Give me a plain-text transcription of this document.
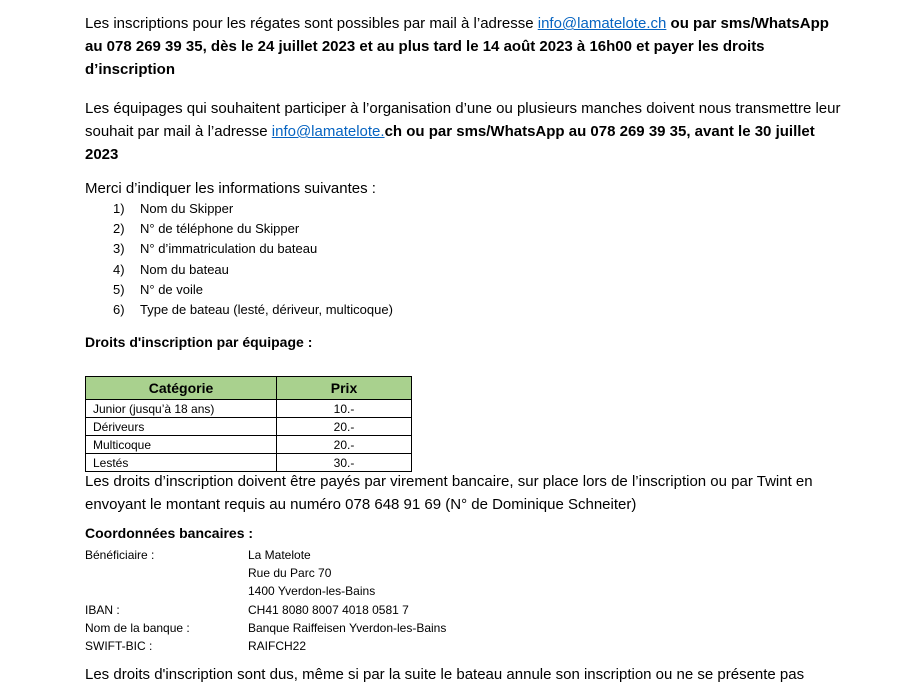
Les inscriptions pour les régates sont possibles par mail à l’adresse info@lamatelote.ch ou par sms/WhatsApp au 078 269 39 35, dès le 24 juillet 2023 et au plus tard le 14 août 2023 à 16h00 et payer les droits d’inscription

Les équipages qui souhaitent participer à l’organisation d’une ou plusieurs manches doivent nous transmettre leur souhait par mail à l’adresse info@lamatelote.ch ou par sms/WhatsApp au 078 269 39 35, avant le 30 juillet 2023

Merci d’indiquer les informations suivantes :

1)	Nom du Skipper
2)	N° de téléphone du Skipper
3)	N° d’immatriculation du bateau
4)	Nom du bateau
5)	N° de voile
6)	Type de bateau (lesté, dériveur, multicoque)

Droits d'inscription par équipage :

Catégorie	Prix
Junior (jusqu’à 18 ans)	10.-
Dériveurs	20.-
Multicoque	20.-
Lestés	30.-

Les droits d’inscription doivent être payés par virement bancaire, sur place lors de l’inscription ou par Twint en envoyant le montant requis au numéro 078 648 91 69 (N° de Dominique Schneiter)

Coordonnées bancaires :

Bénéficiaire :	La Matelote
Rue du Parc 70
1400 Yverdon-les-Bains
IBAN :	CH41 8080 8007 4018 0581 7
Nom de la banque :	Banque Raiffeisen Yverdon-les-Bains
SWIFT-BIC :	RAIFCH22

Les droits d'inscription sont dus, même si par la suite le bateau annule son inscription ou ne se présente pas
